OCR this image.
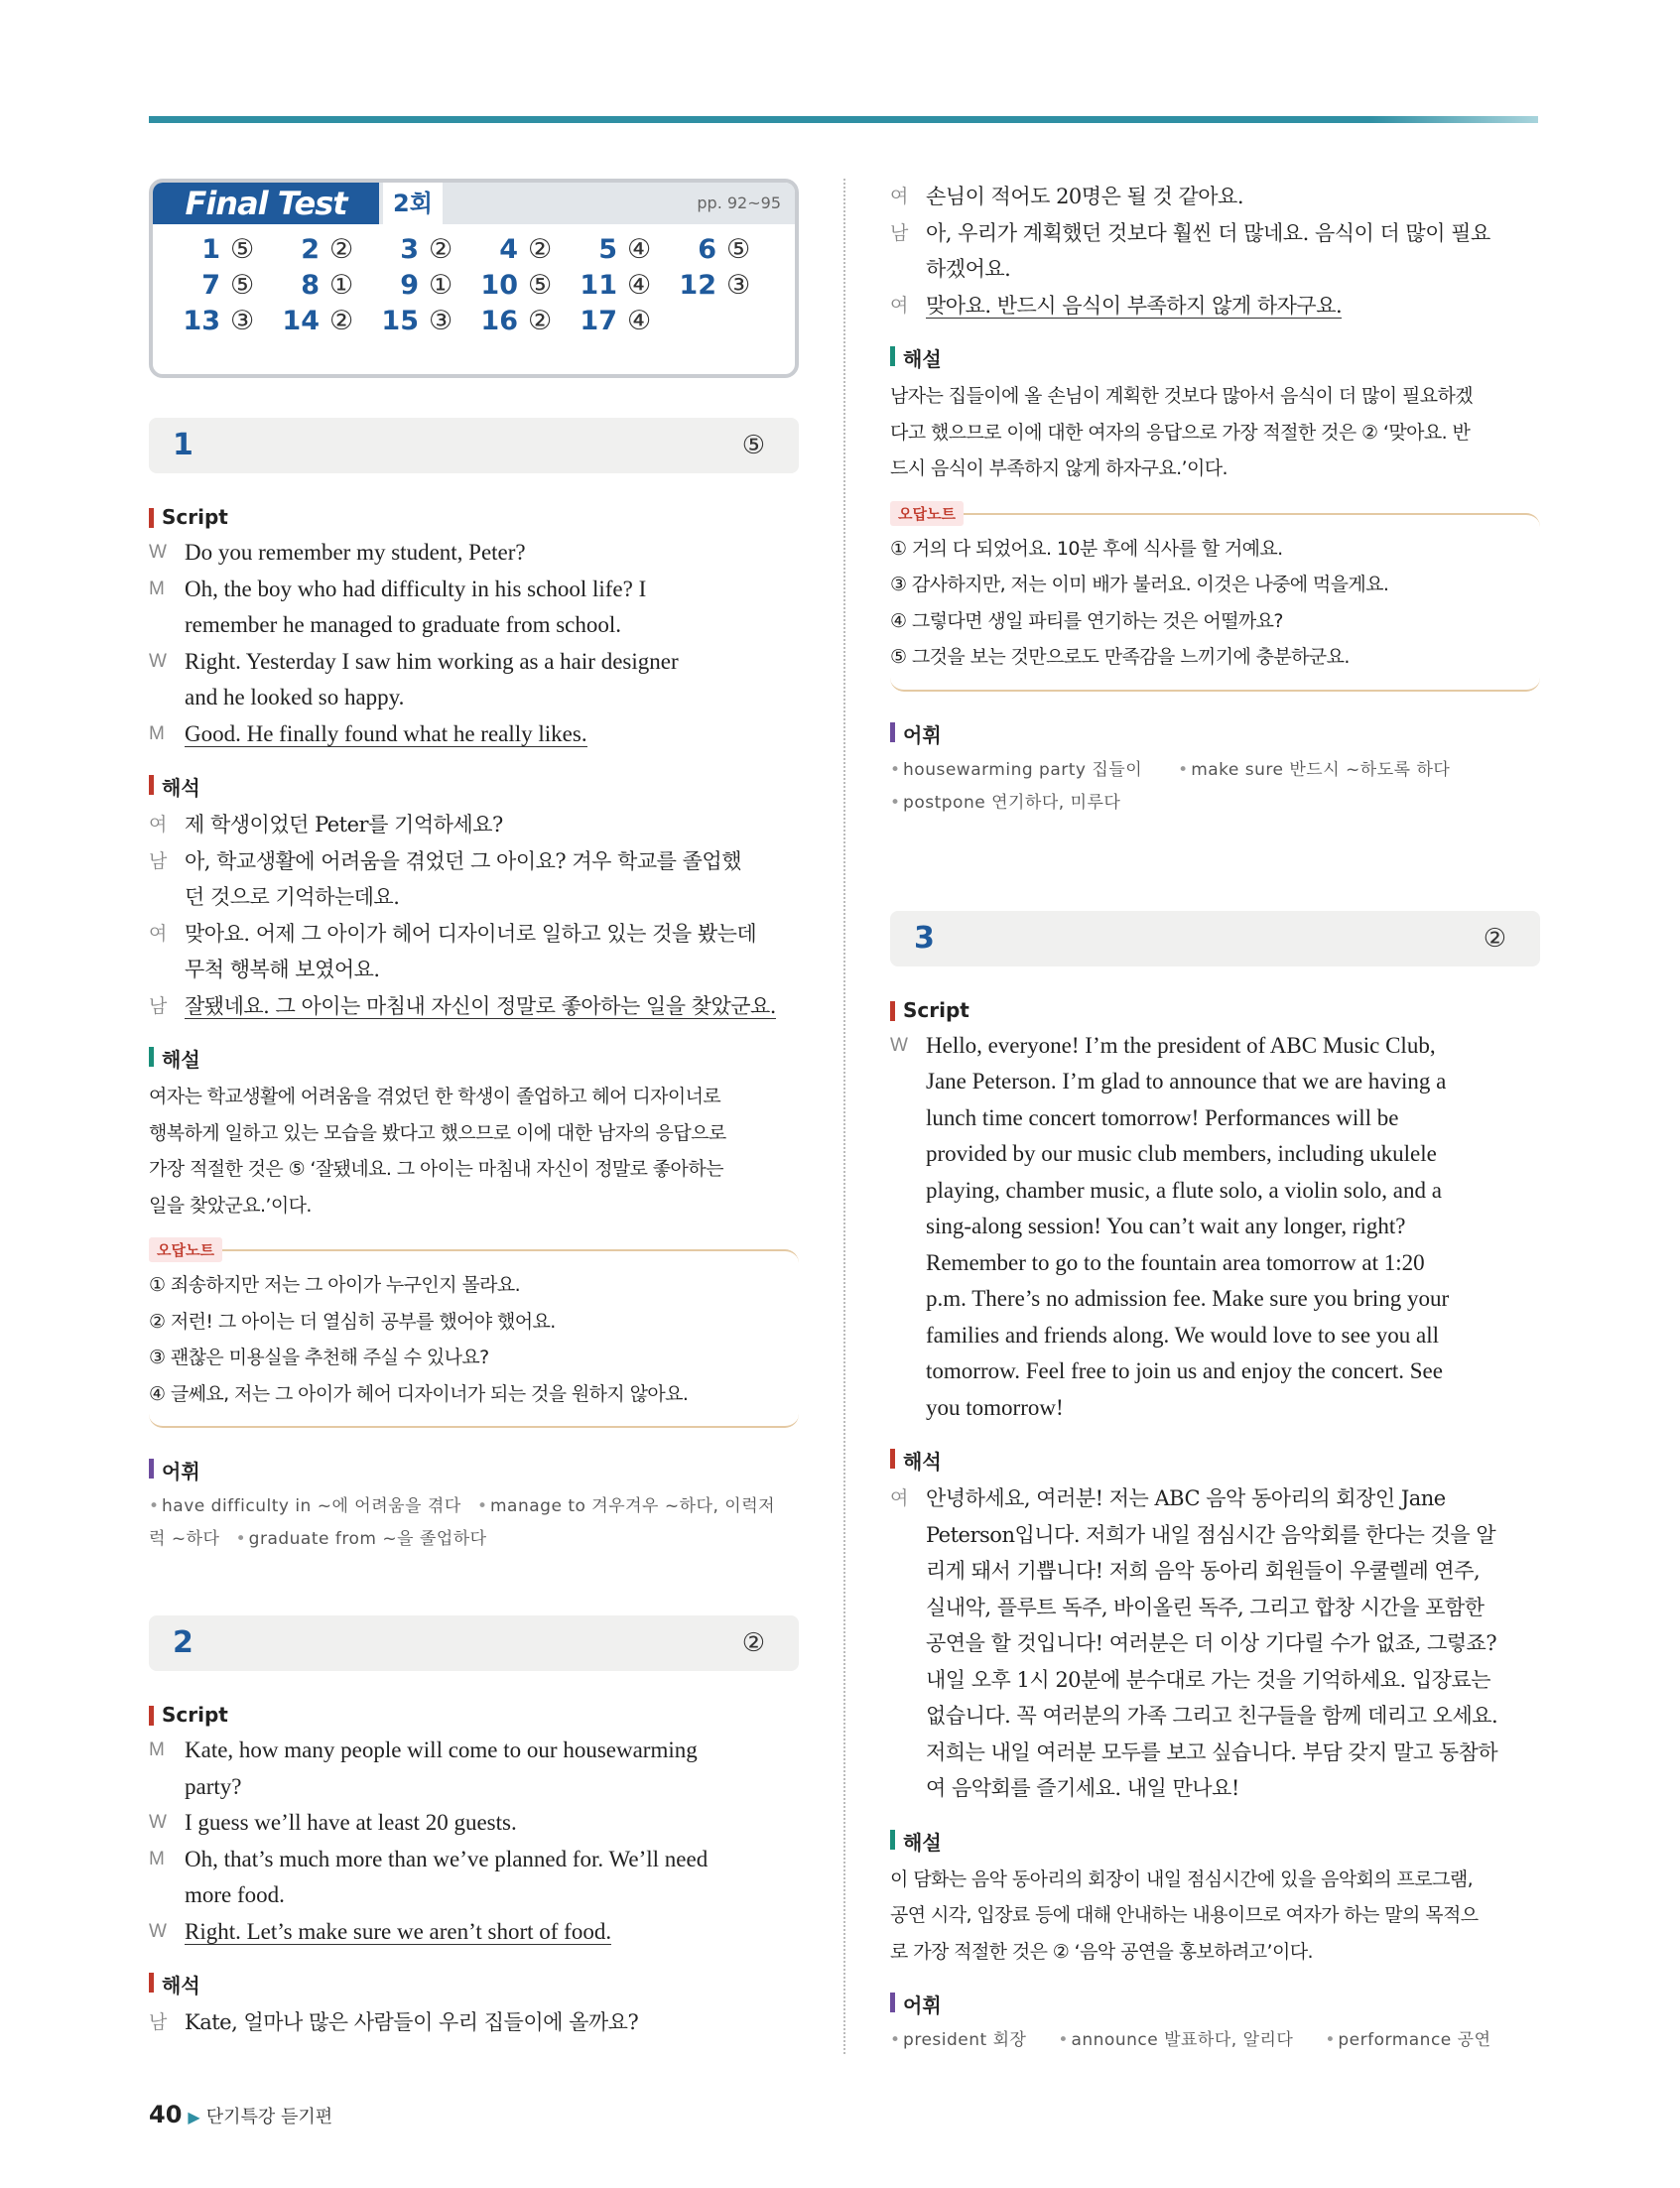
Final Test	2회	pp. 92~95
1 ⑤	2 ②	3 ②	4 ②	5 ④	6 ⑤
7 ⑤	8 ①	9 ①	10 ⑤	11 ④	12 ③
13 ③	14 ②	15 ③	16 ②	17 ④
1	⑤
Script
W Do you remember my student, Peter?
M Oh, the boy who had difficulty in his school life? I
remember he managed to graduate from school.
W Right. Yesterday I saw him working as a hair designer
and he looked so happy.
M Good. He finally found what he really likes.
해석
여 제 학생이었던 Peter를 기억하세요?
남 아, 학교생활에 어려움을 겪었던 그 아이요? 겨우 학교를 졸업했
던 것으로 기억하는데요.
여 맞아요. 어제 그 아이가 헤어 디자이너로 일하고 있는 것을 봤는데
무척 행복해 보였어요.
남 잘됐네요. 그 아이는 마침내 자신이 정말로 좋아하는 일을 찾았군요.
해설
여자는 학교생활에 어려움을 겪었던 한 학생이 졸업하고 헤어 디자이너로
행복하게 일하고 있는 모습을 봤다고 했으므로 이에 대한 남자의 응답으로
가장 적절한 것은 ⑤ ‘잘됐네요. 그 아이는 마침내 자신이 정말로 좋아하는
일을 찾았군요.’이다.
오답노트
① 죄송하지만 저는 그 아이가 누구인지 몰라요.
② 저런! 그 아이는 더 열심히 공부를 했어야 했어요.
③ 괜찮은 미용실을 추천해 주실 수 있나요?
④ 글쎄요, 저는 그 아이가 헤어 디자이너가 되는 것을 원하지 않아요.
어휘
• have difficulty in ~에 어려움을 겪다 • manage to 겨우겨우 ~하다, 이럭저
럭 ~하다 • graduate from ~을 졸업하다
2	②
Script
M Kate, how many people will come to our housewarming
party?
W I guess we’ll have at least 20 guests.
M Oh, that’s much more than we’ve planned for. We’ll need
more food.
W Right. Let’s make sure we aren’t short of food.
해석
남 Kate, 얼마나 많은 사람들이 우리 집들이에 올까요?
여 손님이 적어도 20명은 될 것 같아요.
남 아, 우리가 계획했던 것보다 훨씬 더 많네요. 음식이 더 많이 필요
하겠어요.
여 맞아요. 반드시 음식이 부족하지 않게 하자구요.
해설
남자는 집들이에 올 손님이 계획한 것보다 많아서 음식이 더 많이 필요하겠
다고 했으므로 이에 대한 여자의 응답으로 가장 적절한 것은 ② ‘맞아요. 반
드시 음식이 부족하지 않게 하자구요.’이다.
오답노트
① 거의 다 되었어요. 10분 후에 식사를 할 거예요.
③ 감사하지만, 저는 이미 배가 불러요. 이것은 나중에 먹을게요.
④ 그렇다면 생일 파티를 연기하는 것은 어떨까요?
⑤ 그것을 보는 것만으로도 만족감을 느끼기에 충분하군요.
어휘
• housewarming party 집들이 • make sure 반드시 ~하도록 하다
• postpone 연기하다, 미루다
3	②
Script
W Hello, everyone! I’m the president of ABC Music Club,
Jane Peterson. I’m glad to announce that we are having a
lunch time concert tomorrow! Performances will be
provided by our music club members, including ukulele
playing, chamber music, a flute solo, a violin solo, and a
sing-along session! You can’t wait any longer, right?
Remember to go to the fountain area tomorrow at 1:20
p.m. There’s no admission fee. Make sure you bring your
families and friends along. We would love to see you all
tomorrow. Feel free to join us and enjoy the concert. See
you tomorrow!
해석
여 안녕하세요, 여러분! 저는 ABC 음악 동아리의 회장인 Jane
Peterson입니다. 저희가 내일 점심시간 음악회를 한다는 것을 알
리게 돼서 기쁩니다! 저희 음악 동아리 회원들이 우쿨렐레 연주,
실내악, 플루트 독주, 바이올린 독주, 그리고 합창 시간을 포함한
공연을 할 것입니다! 여러분은 더 이상 기다릴 수가 없죠, 그렇죠?
내일 오후 1시 20분에 분수대로 가는 것을 기억하세요. 입장료는
없습니다. 꼭 여러분의 가족 그리고 친구들을 함께 데리고 오세요.
저희는 내일 여러분 모두를 보고 싶습니다. 부담 갖지 말고 동참하
여 음악회를 즐기세요. 내일 만나요!
해설
이 담화는 음악 동아리의 회장이 내일 점심시간에 있을 음악회의 프로그램,
공연 시각, 입장료 등에 대해 안내하는 내용이므로 여자가 하는 말의 목적으
로 가장 적절한 것은 ② ‘음악 공연을 홍보하려고’이다.
어휘
• president 회장 • announce 발표하다, 알리다 • performance 공연
40 ▶ 단기특강 듣기편
